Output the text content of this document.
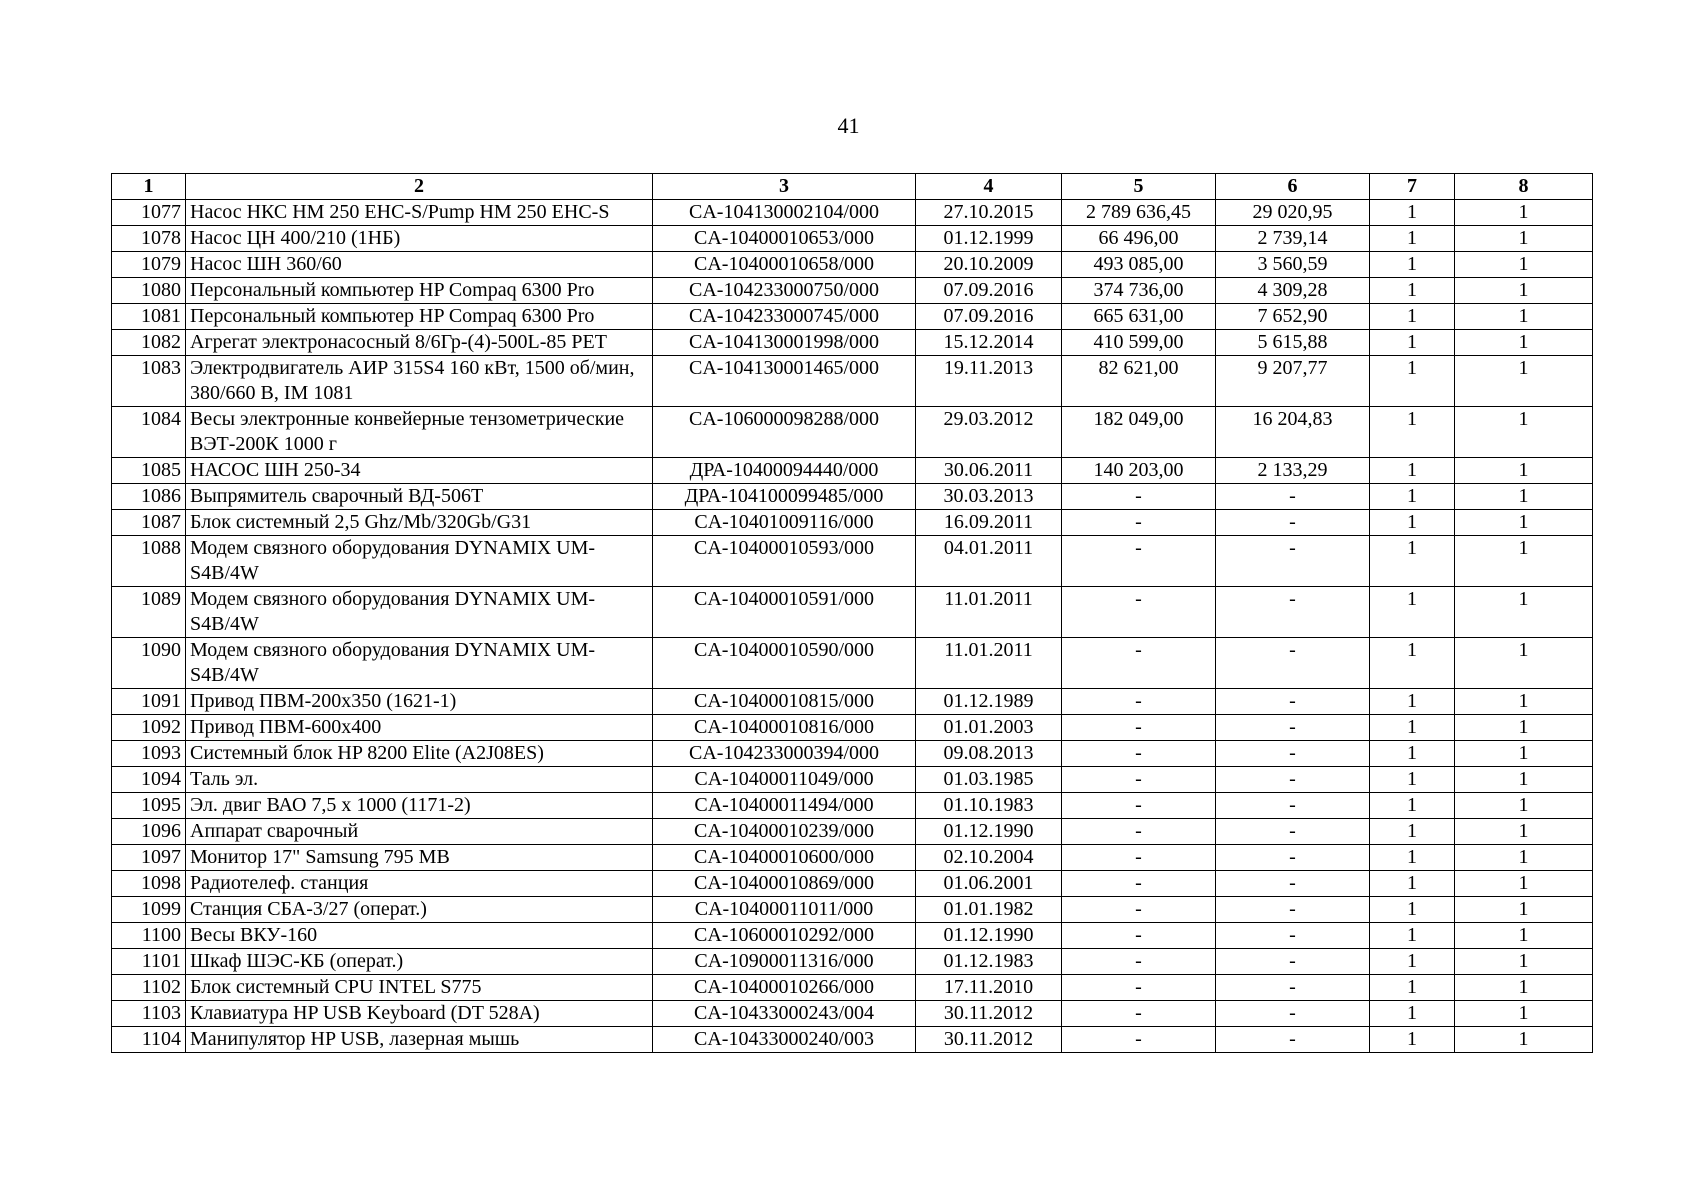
41
1	2	3	4	5	6	7	8
1077	Насос НКС НМ 250 EHC-S/Pump HM 250 EHC-S	CA-104130002104/000	27.10.2015	2 789 636,45	29 020,95	1	1
1078	Насос ЦН 400/210 (1НБ)	CA-10400010653/000	01.12.1999	66 496,00	2 739,14	1	1
1079	Насос ШН 360/60	CA-10400010658/000	20.10.2009	493 085,00	3 560,59	1	1
1080	Персональный компьютер HP Compaq 6300 Pro	CA-104233000750/000	07.09.2016	374 736,00	4 309,28	1	1
1081	Персональный компьютер HP Compaq 6300 Pro	CA-104233000745/000	07.09.2016	665 631,00	7 652,90	1	1
1082	Агрегат электронасосный 8/6Гр-(4)-500L-85 PET	CA-104130001998/000	15.12.2014	410 599,00	5 615,88	1	1
1083	Электродвигатель АИР 315S4 160 кВт, 1500 об/мин, 380/660 В, IM 1081	CA-104130001465/000	19.11.2013	82 621,00	9 207,77	1	1
1084	Весы электронные конвейерные тензометрические ВЭТ-200К 1000 г	CA-106000098288/000	29.03.2012	182 049,00	16 204,83	1	1
1085	НАСОС ШН 250-34	ДРА-10400094440/000	30.06.2011	140 203,00	2 133,29	1	1
1086	Выпрямитель сварочный ВД-506Т	ДРА-104100099485/000	30.03.2013	-	-	1	1
1087	Блок системный 2,5 Ghz/Mb/320Gb/G31	CA-10401009116/000	16.09.2011	-	-	1	1
1088	Модем связного оборудования DYNAMIX UM-S4B/4W	CA-10400010593/000	04.01.2011	-	-	1	1
1089	Модем связного оборудования DYNAMIX UM-S4B/4W	CA-10400010591/000	11.01.2011	-	-	1	1
1090	Модем связного оборудования DYNAMIX UM-S4B/4W	CA-10400010590/000	11.01.2011	-	-	1	1
1091	Привод ПВМ-200х350 (1621-1)	CA-10400010815/000	01.12.1989	-	-	1	1
1092	Привод ПВМ-600х400	CA-10400010816/000	01.01.2003	-	-	1	1
1093	Системный блок HP 8200 Elite (A2J08ES)	CA-104233000394/000	09.08.2013	-	-	1	1
1094	Таль эл.	CA-10400011049/000	01.03.1985	-	-	1	1
1095	Эл. двиг ВАО 7,5 х 1000 (1171-2)	CA-10400011494/000	01.10.1983	-	-	1	1
1096	Аппарат сварочный	CA-10400010239/000	01.12.1990	-	-	1	1
1097	Монитор 17" Samsung 795 MB	CA-10400010600/000	02.10.2004	-	-	1	1
1098	Радиотелеф. станция	CA-10400010869/000	01.06.2001	-	-	1	1
1099	Станция СБА-3/27 (операт.)	CA-10400011011/000	01.01.1982	-	-	1	1
1100	Весы ВКУ-160	CA-10600010292/000	01.12.1990	-	-	1	1
1101	Шкаф ШЭС-КБ (операт.)	CA-10900011316/000	01.12.1983	-	-	1	1
1102	Блок системный CPU INTEL S775	CA-10400010266/000	17.11.2010	-	-	1	1
1103	Клавиатура HP USB Keyboard (DT 528A)	CA-10433000243/004	30.11.2012	-	-	1	1
1104	Манипулятор HP USB, лазерная мышь	CA-10433000240/003	30.11.2012	-	-	1	1
